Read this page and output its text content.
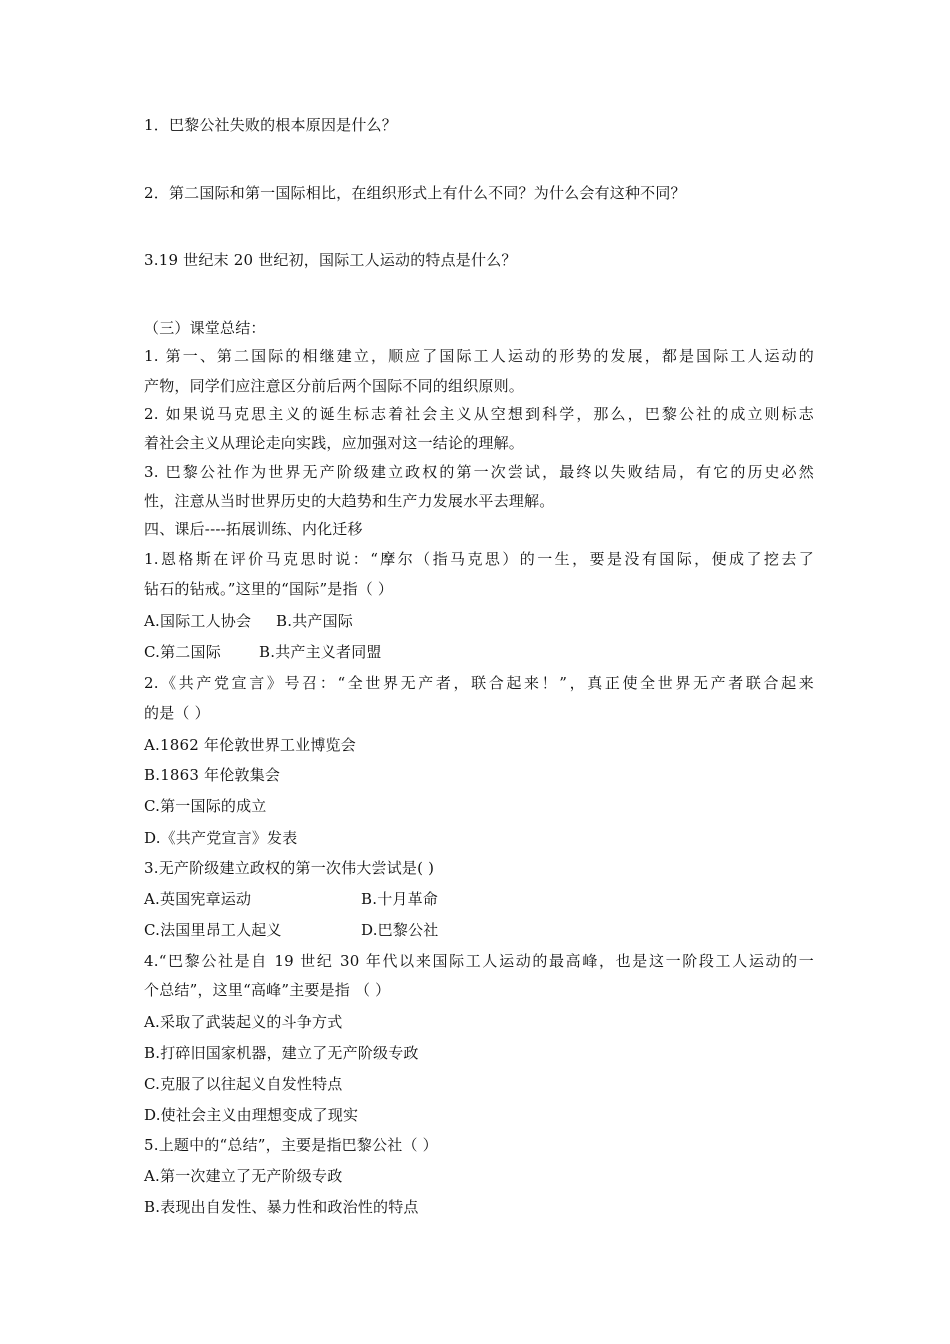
1．巴黎公社失败的根本原因是什么？
2．第二国际和第一国际相比，在组织形式上有什么不同？为什么会有这种不同？
3.19 世纪末 20 世纪初，国际工人运动的特点是什么？
（三）课堂总结：
1. 第一、第二国际的相继建立，顺应了国际工人运动的形势的发展，都是国际工人运动的
产物，同学们应注意区分前后两个国际不同的组织原则。
2. 如果说马克思主义的诞生标志着社会主义从空想到科学，那么，巴黎公社的成立则标志
着社会主义从理论走向实践，应加强对这一结论的理解。
3. 巴黎公社作为世界无产阶级建立政权的第一次尝试，最终以失败结局，有它的历史必然
性，注意从当时世界历史的大趋势和生产力发展水平去理解。
四、课后----拓展训练、内化迁移
1.恩格斯在评价马克思时说：“摩尔（指马克思）的一生，要是没有国际，便成了挖去了
钻石的钻戒。”这里的“国际”是指（ ）
A.国际工人协会	B.共产国际
C.第二国际	B.共产主义者同盟
2.《共产党宣言》号召：“全世界无产者，联合起来！”，真正使全世界无产者联合起来
的是（ ）
A.1862 年伦敦世界工业博览会
B.1863 年伦敦集会
C.第一国际的成立
D.《共产党宣言》发表
3.无产阶级建立政权的第一次伟大尝试是( )
A.英国宪章运动	B.十月革命
C.法国里昂工人起义	D.巴黎公社
4.“巴黎公社是自 19 世纪 30 年代以来国际工人运动的最高峰，也是这一阶段工人运动的一
个总结”，这里“高峰”主要是指 （ ）
A.采取了武装起义的斗争方式
B.打碎旧国家机器，建立了无产阶级专政
C.克服了以往起义自发性特点
D.使社会主义由理想变成了现实
5.上题中的“总结”，主要是指巴黎公社（ ）
A.第一次建立了无产阶级专政
B.表现出自发性、暴力性和政治性的特点
